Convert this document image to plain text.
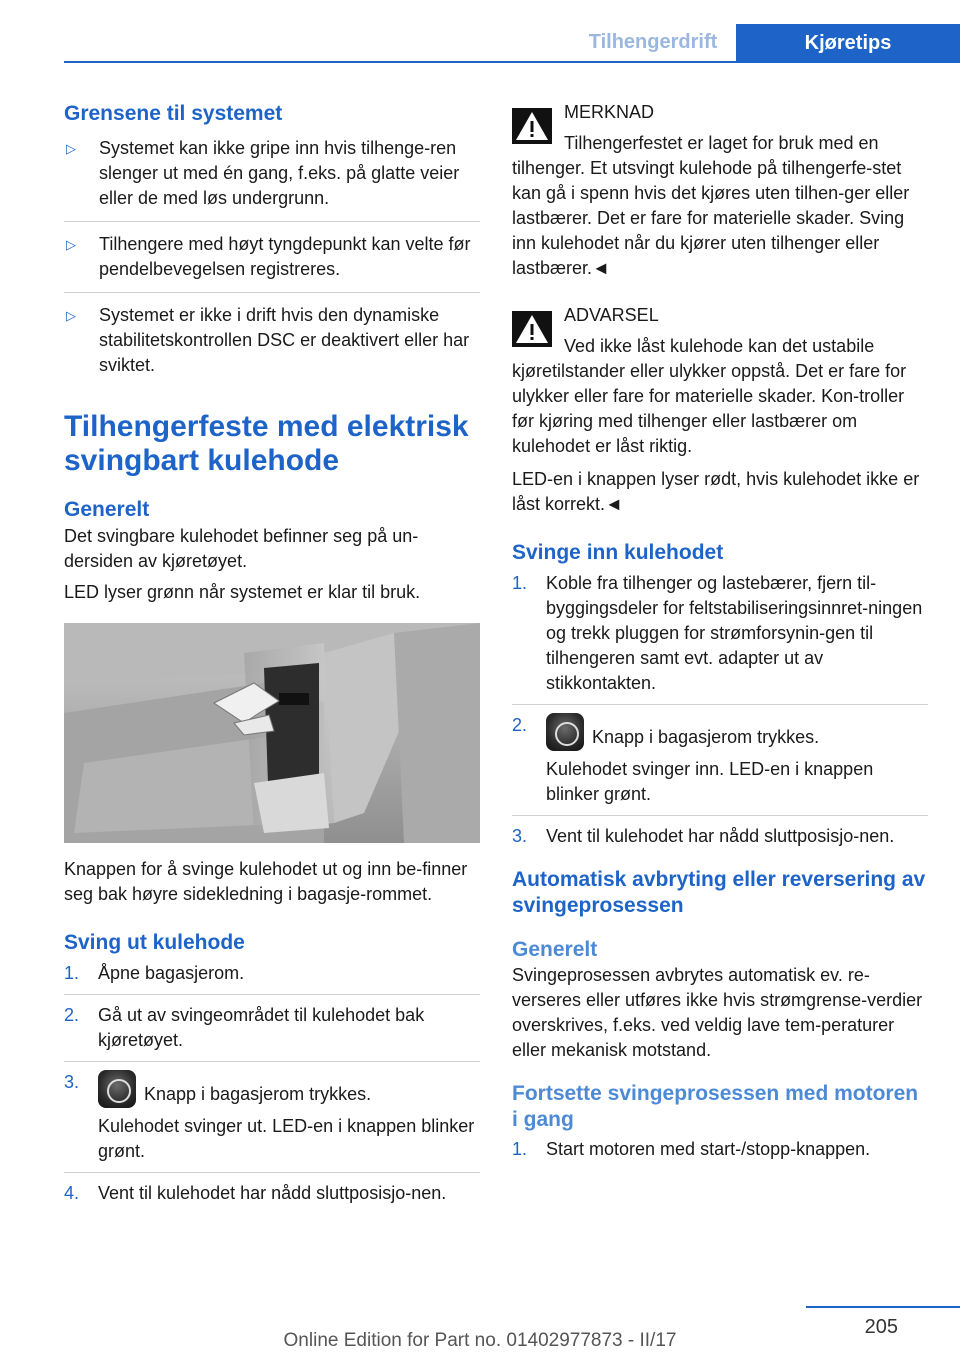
Tilhengerdrift	Kjøretips
Grensene til systemet
▷ Systemet kan ikke gripe inn hvis tilhenge-ren slenger ut med én gang, f.eks. på glatte veier eller de med løs undergrunn.
▷ Tilhengere med høyt tyngdepunkt kan velte før pendelbevegelsen registreres.
▷ Systemet er ikke i drift hvis den dynamiske stabilitetskontrollen DSC er deaktivert eller har sviktet.
Tilhengerfeste med elektrisk svingbart kulehode
Generelt
Det svingbare kulehodet befinner seg på un-dersiden av kjøretøyet.
LED lyser grønn når systemet er klar til bruk.
Knappen for å svinge kulehodet ut og inn be-finner seg bak høyre sidekledning i bagasje-rommet.
Sving ut kulehode
1. Åpne bagasjerom.
2. Gå ut av svingeområdet til kulehodet bak kjøretøyet.
3.
Knapp i bagasjerom trykkes.
Kulehodet svinger ut. LED-en i knappen blinker grønt.
4. Vent til kulehodet har nådd sluttposisjo-nen.
MERKNAD
Tilhengerfestet er laget for bruk med en tilhenger. Et utsvingt kulehode på tilhengerfe-stet kan gå i spenn hvis det kjøres uten tilhen-ger eller lastbærer. Det er fare for materielle skader. Sving inn kulehodet når du kjører uten tilhenger eller lastbærer.◄
ADVARSEL
Ved ikke låst kulehode kan det ustabile kjøretilstander eller ulykker oppstå. Det er fare for ulykker eller fare for materielle skader. Kon-troller før kjøring med tilhenger eller lastbærer om kulehodet er låst riktig.
LED-en i knappen lyser rødt, hvis kulehodet ikke er låst korrekt.◄
Svinge inn kulehodet
1. Koble fra tilhenger og lastebærer, fjern til-byggingsdeler for feltstabiliseringsinnret-ningen og trekk pluggen for strømforsynin-gen til tilhengeren samt evt. adapter ut av stikkontakten.
2.
Knapp i bagasjerom trykkes.
Kulehodet svinger inn. LED-en i knappen blinker grønt.
3. Vent til kulehodet har nådd sluttposisjo-nen.
Automatisk avbryting eller reversering av svingeprosessen
Generelt
Svingeprosessen avbrytes automatisk ev. re-verseres eller utføres ikke hvis strømgrense-verdier overskrives, f.eks. ved veldig lave tem-peraturer eller mekanisk motstand.
Fortsette svingeprosessen med motoren i gang
1. Start motoren med start-/stopp-knappen.
205
Online Edition for Part no. 01402977873 - II/17
